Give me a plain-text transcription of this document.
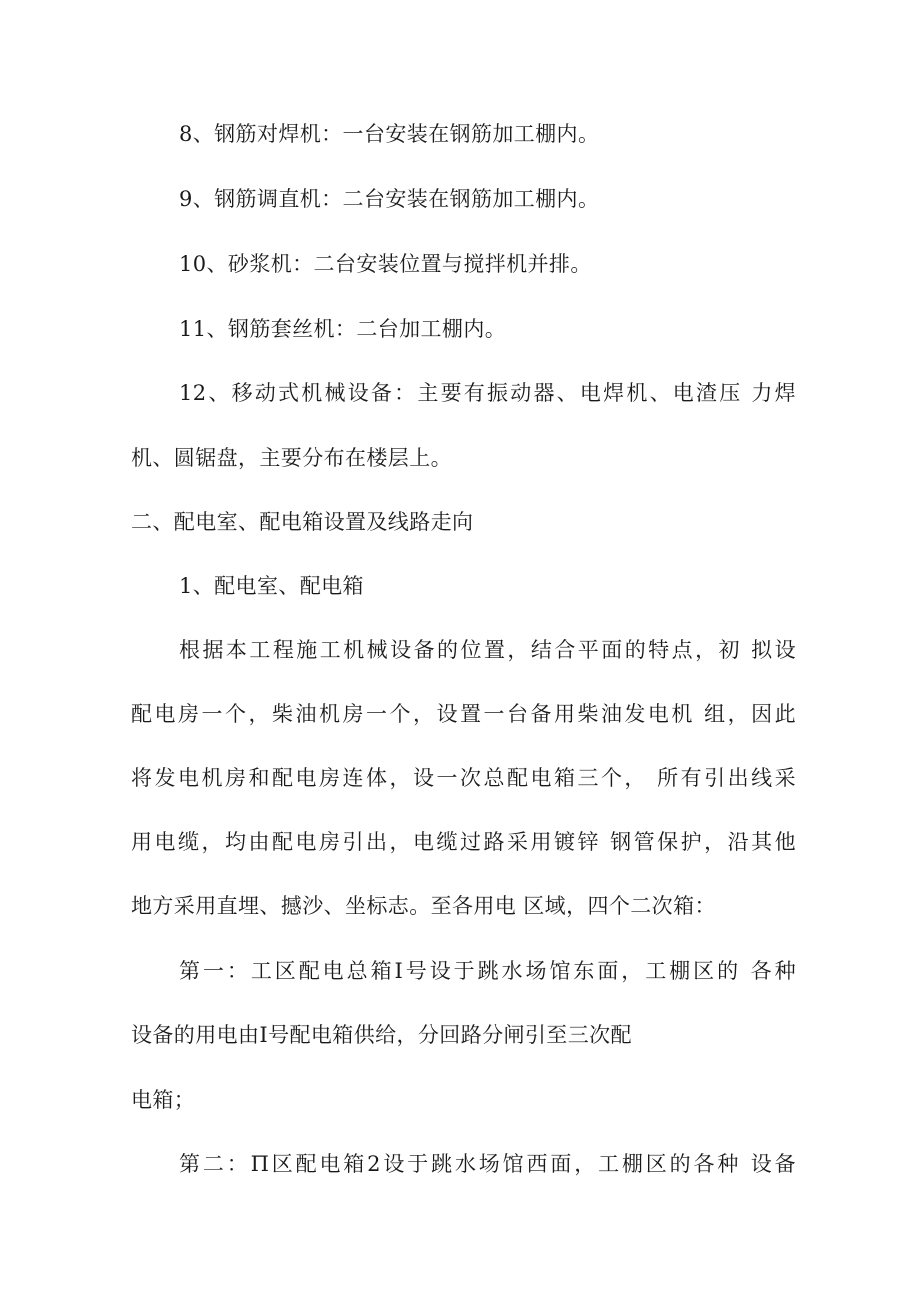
8、钢筋对焊机：一台安装在钢筋加工棚内。
9、钢筋调直机：二台安装在钢筋加工棚内。
10、砂浆机：二台安装位置与搅拌机并排。
11、钢筋套丝机：二台加工棚内。
12、移动式机械设备：主要有振动器、电焊机、电渣压 力焊
机、圆锯盘，主要分布在楼层上。
二、配电室、配电箱设置及线路走向
1、配电室、配电箱
根据本工程施工机械设备的位置，结合平面的特点，初 拟设
配电房一个，柴油机房一个，设置一台备用柴油发电机 组，因此
将发电机房和配电房连体，设一次总配电箱三个， 所有引出线采
用电缆，均由配电房引出，电缆过路采用镀锌 钢管保护，沿其他
地方采用直埋、撼沙、坐标志。至各用电 区域，四个二次箱：
第一：工区配电总箱I号设于跳水场馆东面，工棚区的 各种
设备的用电由I号配电箱供给，分回路分闸引至三次配
电箱；
第二：Π区配电箱2设于跳水场馆西面，工棚区的各种 设备
